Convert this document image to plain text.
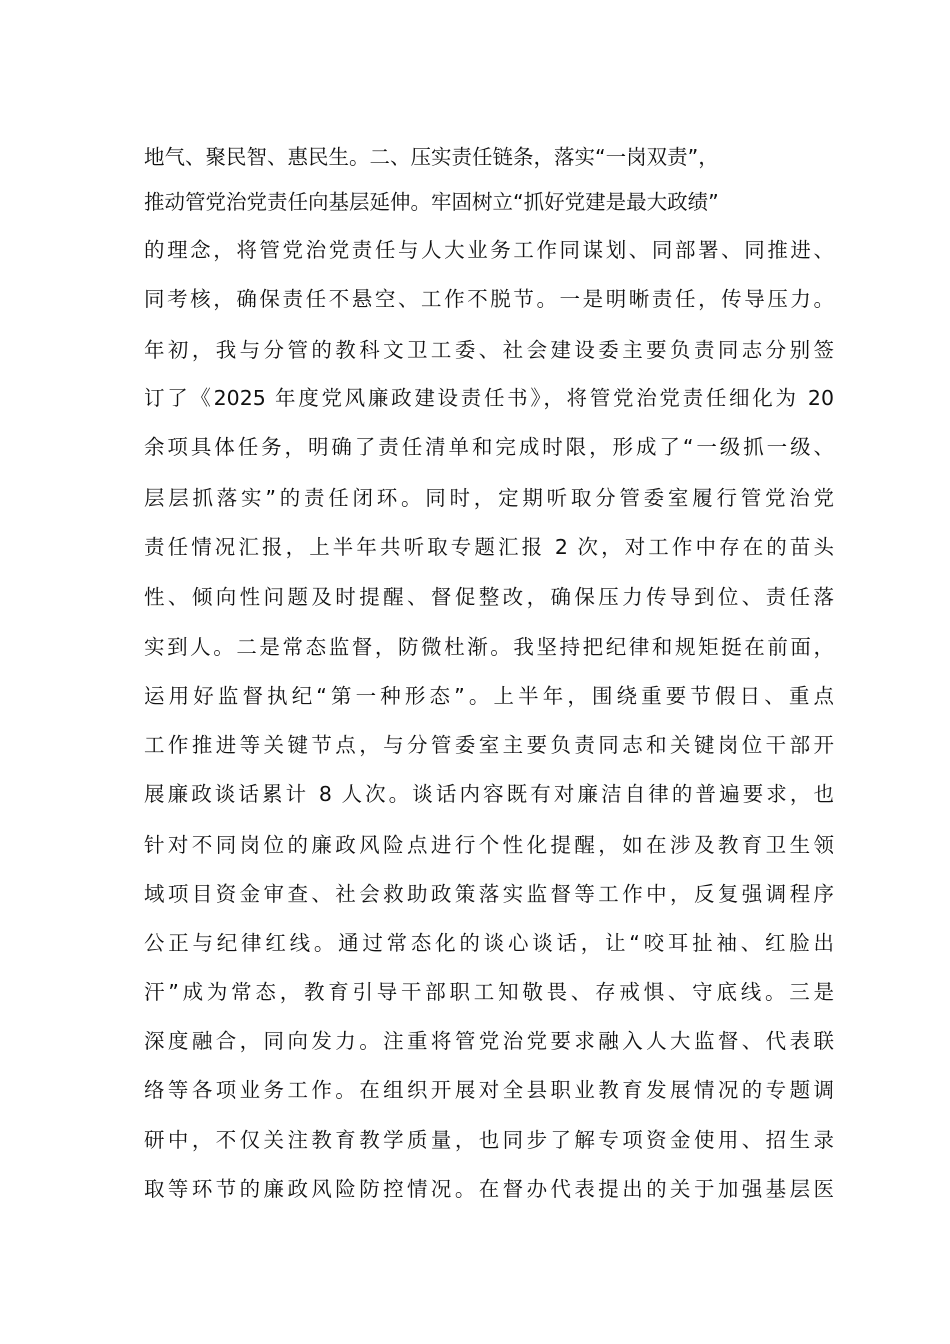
地气、聚民智、惠民生。二、压实责任链条，落实“一岗双责”，
推动管党治党责任向基层延伸。牢固树立“抓好党建是最大政绩”
的理念，将管党治党责任与人大业务工作同谋划、同部署、同推进、
同考核，确保责任不悬空、工作不脱节。一是明晰责任，传导压力。
年初，我与分管的教科文卫工委、社会建设委主要负责同志分别签
订了《2025 年度党风廉政建设责任书》，将管党治党责任细化为 20
余项具体任务，明确了责任清单和完成时限，形成了“一级抓一级、
层层抓落实”的责任闭环。同时，定期听取分管委室履行管党治党
责任情况汇报，上半年共听取专题汇报 2 次，对工作中存在的苗头
性、倾向性问题及时提醒、督促整改，确保压力传导到位、责任落
实到人。二是常态监督，防微杜渐。我坚持把纪律和规矩挺在前面，
运用好监督执纪“第一种形态”。上半年，围绕重要节假日、重点
工作推进等关键节点，与分管委室主要负责同志和关键岗位干部开
展廉政谈话累计 8 人次。谈话内容既有对廉洁自律的普遍要求，也
针对不同岗位的廉政风险点进行个性化提醒，如在涉及教育卫生领
域项目资金审查、社会救助政策落实监督等工作中，反复强调程序
公正与纪律红线。通过常态化的谈心谈话，让“咬耳扯袖、红脸出
汗”成为常态，教育引导干部职工知敬畏、存戒惧、守底线。三是
深度融合，同向发力。注重将管党治党要求融入人大监督、代表联
络等各项业务工作。在组织开展对全县职业教育发展情况的专题调
研中，不仅关注教育教学质量，也同步了解专项资金使用、招生录
取等环节的廉政风险防控情况。在督办代表提出的关于加强基层医
